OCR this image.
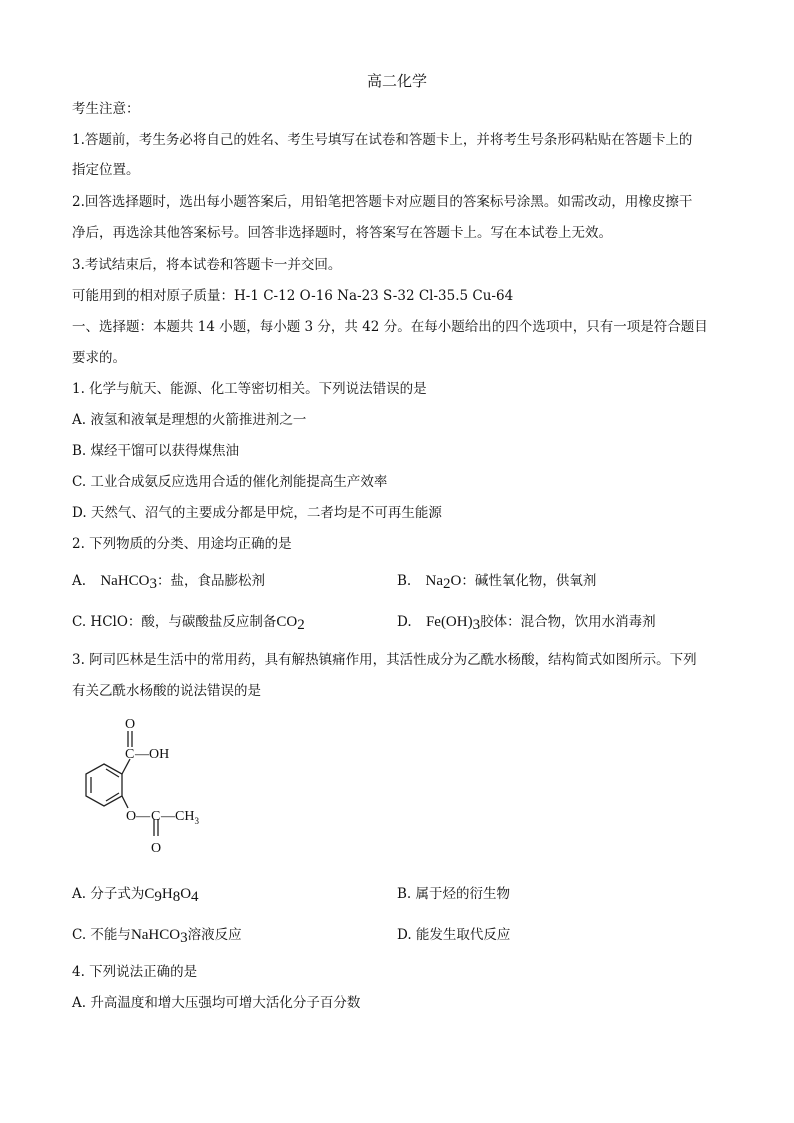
高二化学
考生注意：
1.答题前，考生务必将自己的姓名、考生号填写在试卷和答题卡上，并将考生号条形码粘贴在答题卡上的
指定位置。
2.回答选择题时，选出每小题答案后，用铅笔把答题卡对应题目的答案标号涂黑。如需改动，用橡皮擦干
净后，再选涂其他答案标号。回答非选择题时，将答案写在答题卡上。写在本试卷上无效。
3.考试结束后，将本试卷和答题卡一并交回。
可能用到的相对原子质量：H-1 C-12 O-16 Na-23 S-32 Cl-35.5 Cu-64
一、选择题：本题共 14 小题，每小题 3 分，共 42 分。在每小题给出的四个选项中，只有一项是符合题目
要求的。
1. 化学与航天、能源、化工等密切相关。下列说法错误的是
A. 液氢和液氧是理想的火箭推进剂之一
B. 煤经干馏可以获得煤焦油
C. 工业合成氨反应选用合适的催化剂能提高生产效率
D. 天然气、沼气的主要成分都是甲烷，二者均是不可再生能源
2. 下列物质的分类、用途均正确的是
A. NaHCO$_3$：盐，食品膨松剂	B. $Na_2O$：碱性氧化物，供氧剂
C. HClO：酸，与碳酸盐反应制备$CO_2$	D. $Fe(OH)_3$胶体：混合物，饮用水消毒剂
3. 阿司匹林是生活中的常用药，具有解热镇痛作用，其活性成分为乙酰水杨酸，结构简式如图所示。下列
有关乙酰水杨酸的说法错误的是
O
C —OH
O— C $—CH_3$
O
A. 分子式为$C_9H_8O_4$	B. 属于烃的衍生物
C. 不能与NaHCO$_3$溶液反应	D. 能发生取代反应
4. 下列说法正确的是
A. 升高温度和增大压强均可增大活化分子百分数
